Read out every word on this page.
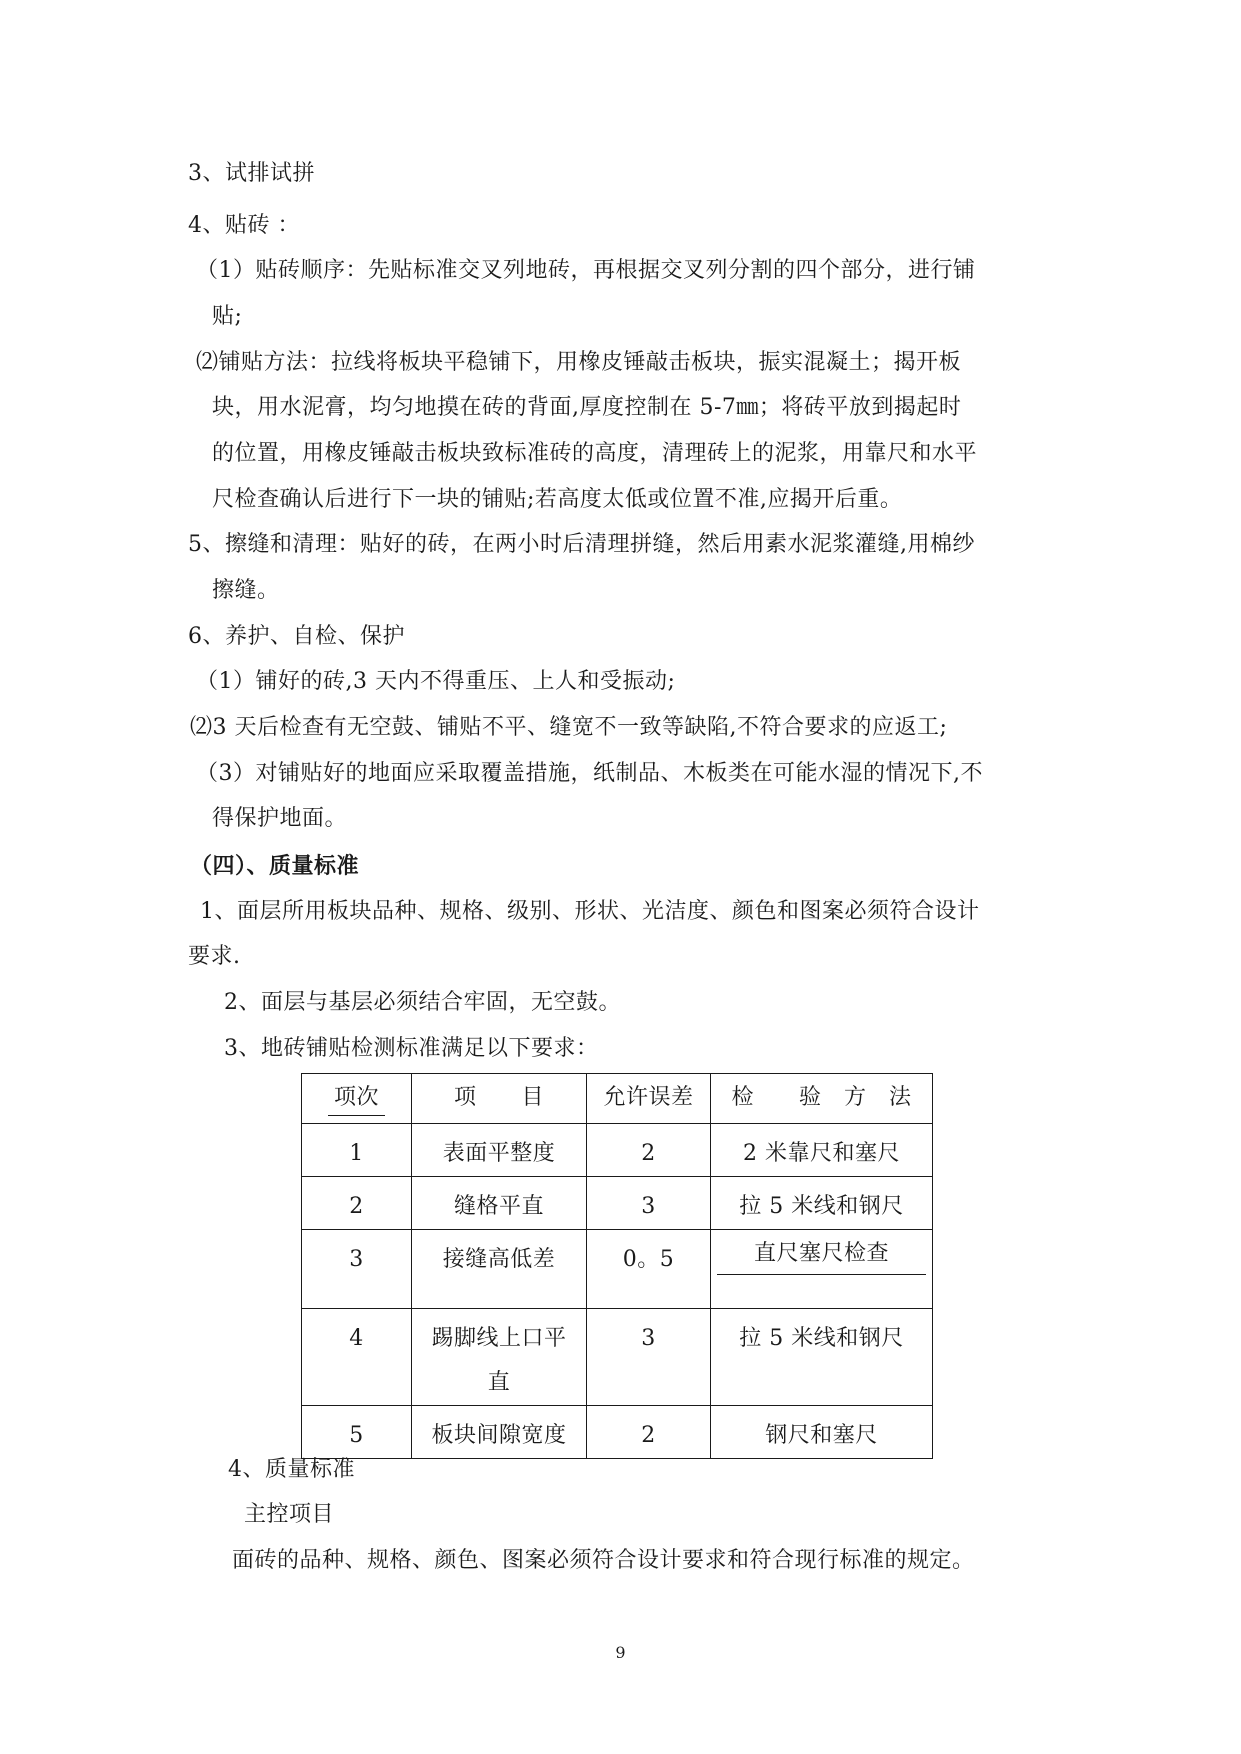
3、试排试拼
4、贴砖 ：
（1）贴砖顺序：先贴标准交叉列地砖，再根据交叉列分割的四个部分，进行铺
贴;
⑵铺贴方法：拉线将板块平稳铺下，用橡皮锤敲击板块，振实混凝土；揭开板
块，用水泥膏，均匀地摸在砖的背面,厚度控制在 5-7㎜；将砖平放到揭起时
的位置，用橡皮锤敲击板块致标准砖的高度，清理砖上的泥浆，用靠尺和水平
尺检查确认后进行下一块的铺贴;若高度太低或位置不准,应揭开后重。
5、擦缝和清理：贴好的砖，在两小时后清理拼缝，然后用素水泥浆灌缝,用棉纱
擦缝。
6、养护、自检、保护
（1）铺好的砖,3 天内不得重压、上人和受振动;
⑵3 天后检查有无空鼓、铺贴不平、缝宽不一致等缺陷,不符合要求的应返工;
（3）对铺贴好的地面应采取覆盖措施，纸制品、木板类在可能水湿的情况下,不
得保护地面。
（四）、质量标准
1、面层所用板块品种、规格、级别、形状、光洁度、颜色和图案必须符合设计
要求.
2、面层与基层必须结合牢固，无空鼓。
3、地砖铺贴检测标准满足以下要求：
项次	项　　目	允许误差	检　　验　方　法
1	表面平整度	2	2 米靠尺和塞尺
2	缝格平直	3	拉 5 米线和钢尺
3	接缝高低差	0。5	直尺塞尺检查

4	踢脚线上口平直	3	拉 5 米线和钢尺
5	板块间隙宽度	2	钢尺和塞尺
4、质量标准
主控项目
面砖的品种、规格、颜色、图案必须符合设计要求和符合现行标准的规定。
9
